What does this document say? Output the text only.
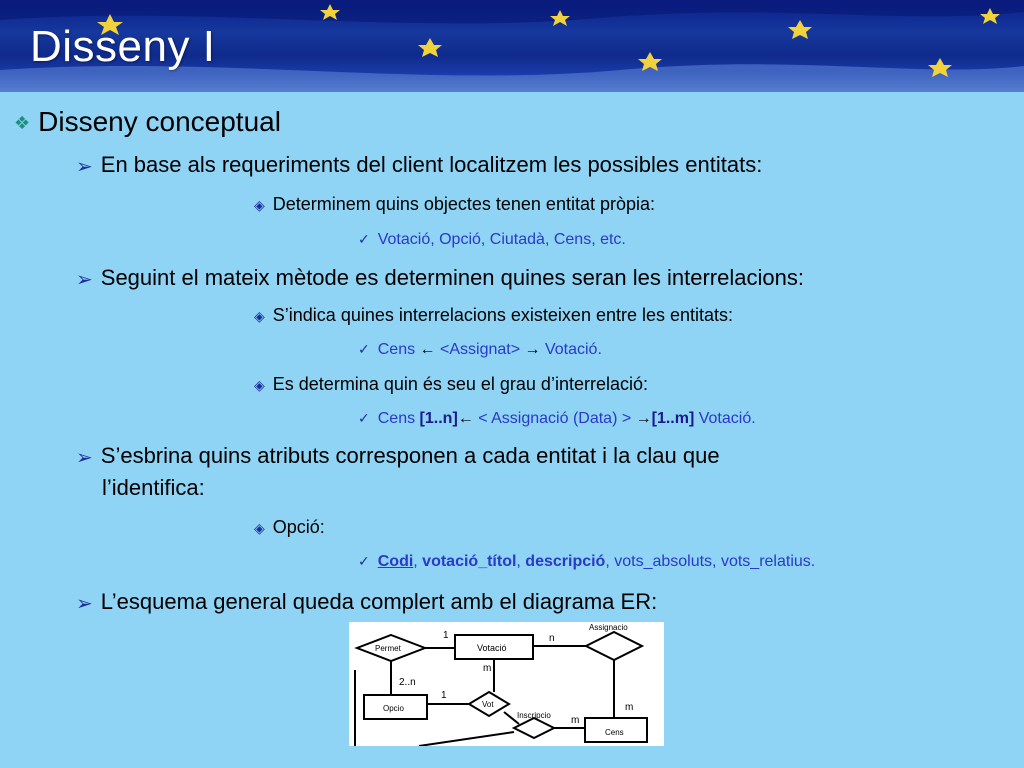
Disseny I
❖ Disseny conceptual
➢ En base als requeriments del client localitzem les possibles entitats:
◈ Determinem quins objectes tenen entitat pròpia:
✓ Votació, Opció, Ciutadà, Cens, etc.
➢ Seguint el mateix mètode es determinen quines seran les interrelacions:
◈ S’indica quines interrelacions existeixen entre les entitats:
✓ Cens ← <Assignat> → Votació.
◈ Es determina quin és seu el grau d’interrelació:
✓ Cens [1..n]← < Assignació (Data) > →[1..m] Votació.
➢ S’esbrina quins atributs corresponen a cada entitat i la clau que
l’identifica:
◈ Opció:
✓ Codi, votació_títol, descripció, vots_absoluts, vots_relatius.
➢ L’esquema general queda complert amb el diagrama ER:
Permet	Votació
Assignacio
Opcio	Vot
Inscripcio
Cens
1	n
m
2..n
1
m
m
